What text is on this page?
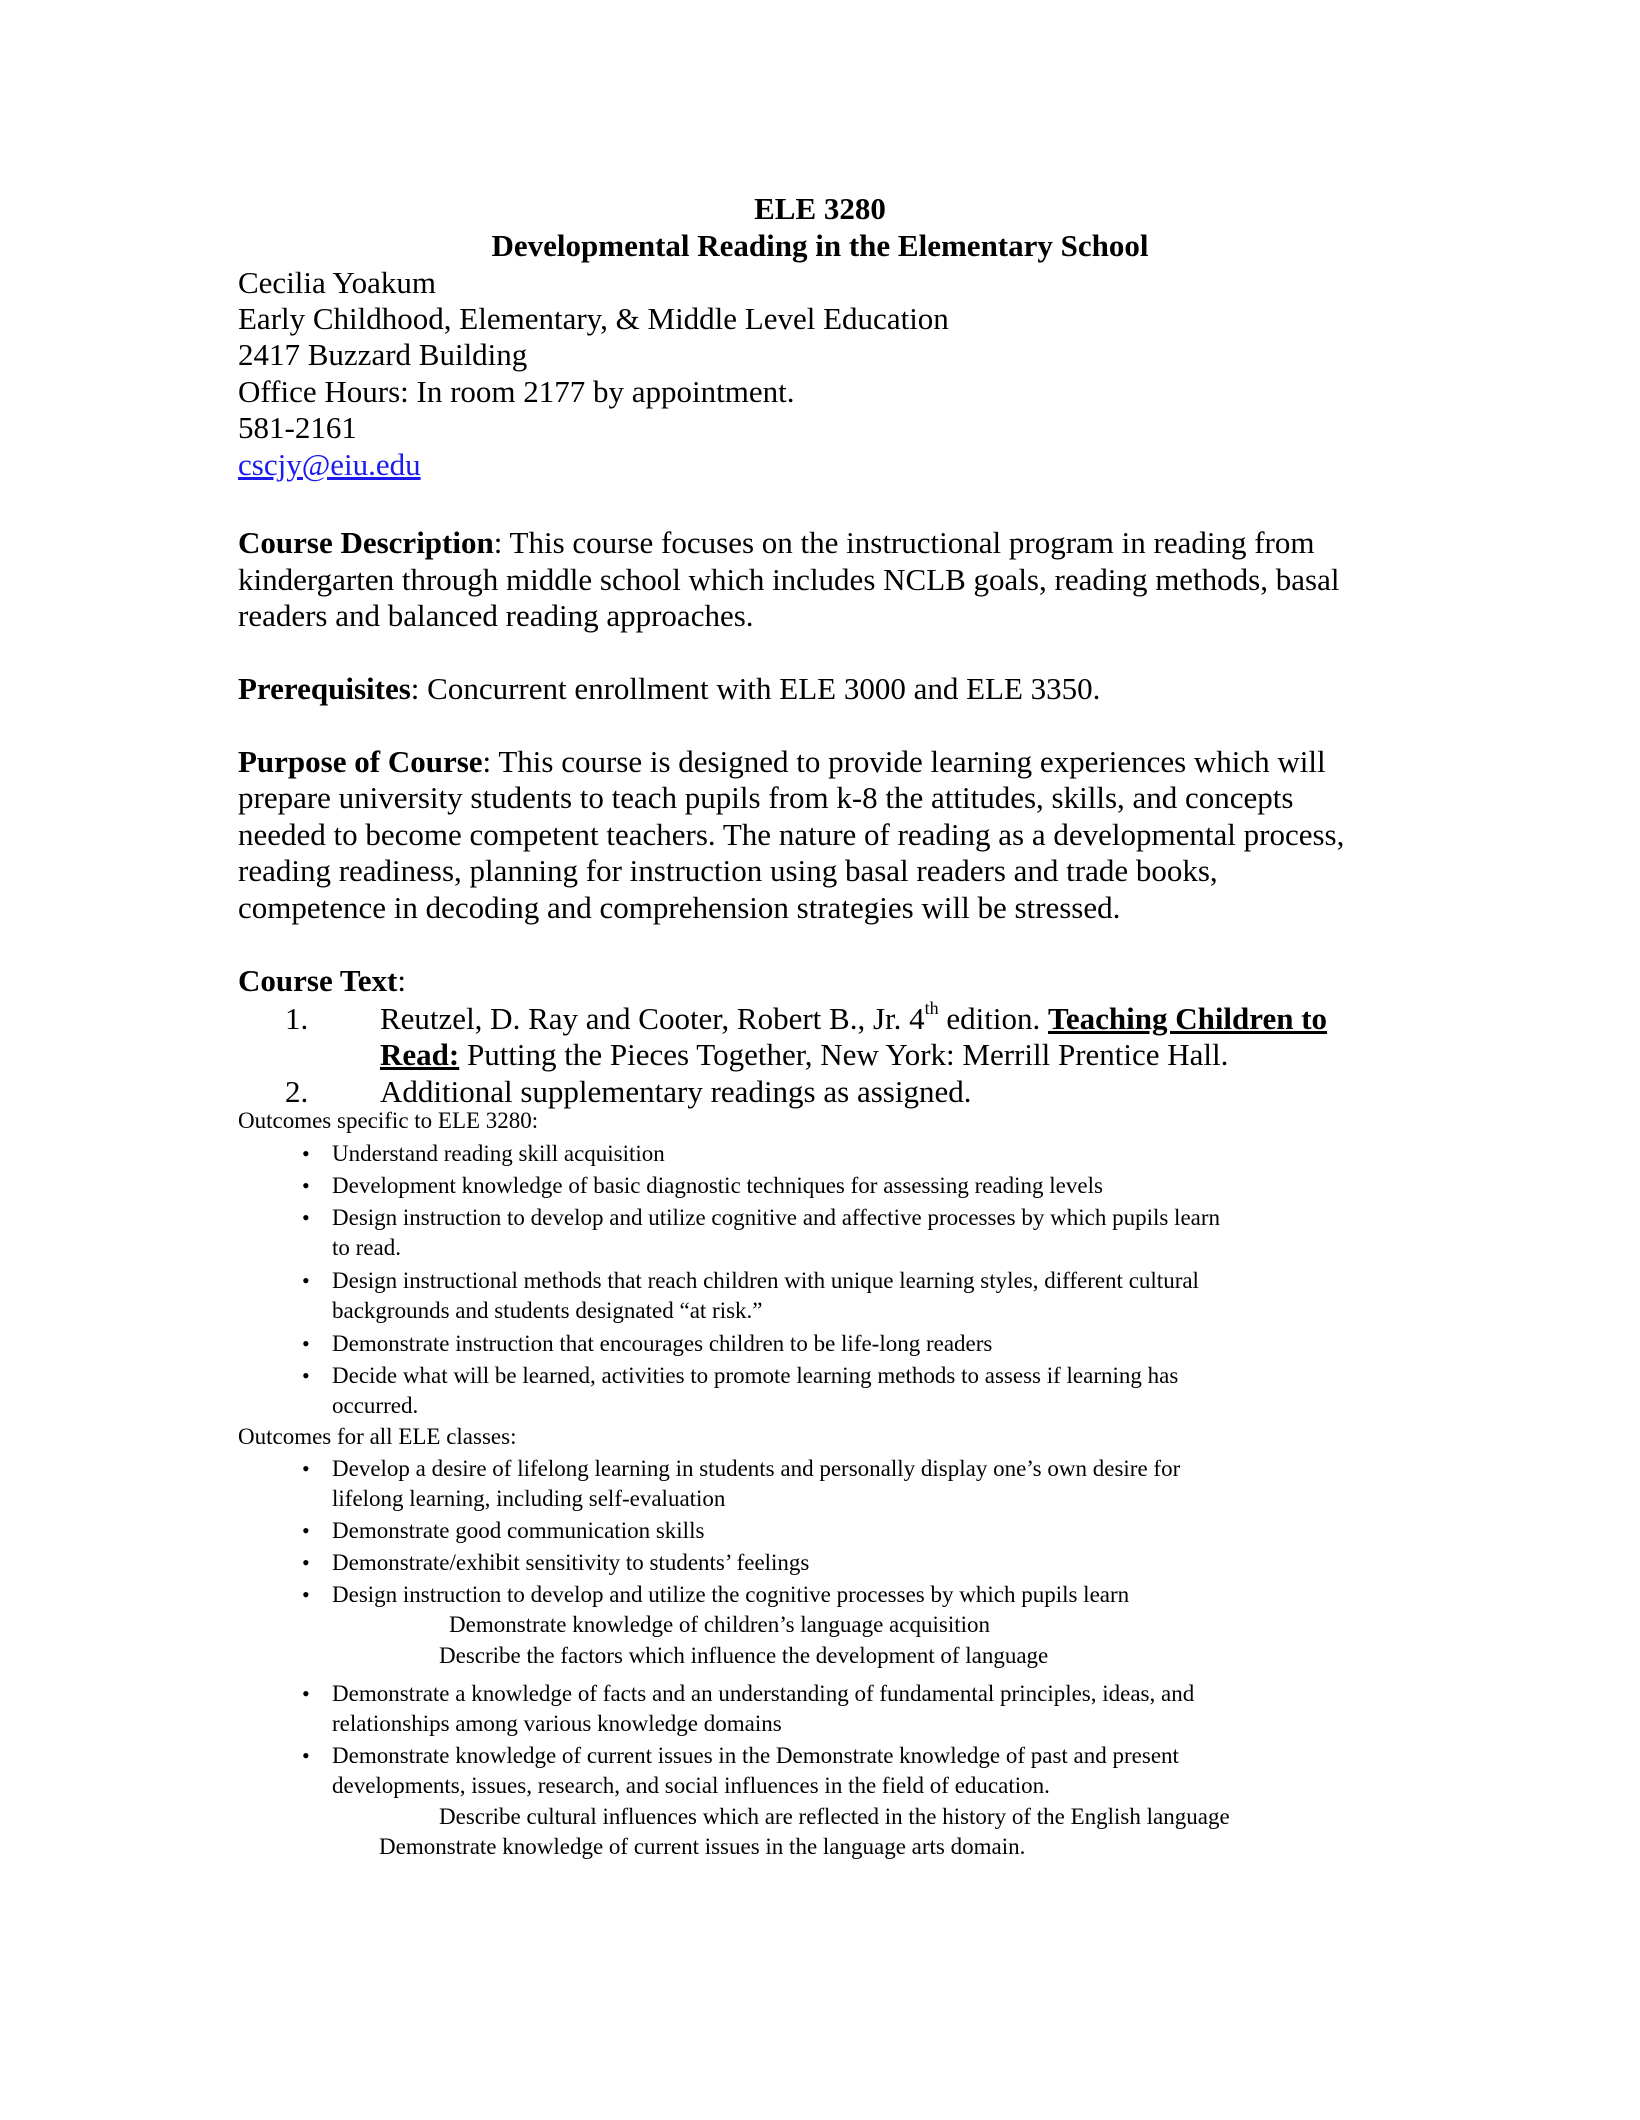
ELE 3280
Developmental Reading in the Elementary School
Cecilia Yoakum
Early Childhood, Elementary, & Middle Level Education
2417 Buzzard Building
Office Hours: In room 2177 by appointment.
581-2161
cscjy@eiu.edu
Course Description: This course focuses on the instructional program in reading from
kindergarten through middle school which includes NCLB goals, reading methods, basal
readers and balanced reading approaches.
Prerequisites: Concurrent enrollment with ELE 3000 and ELE 3350.
Purpose of Course: This course is designed to provide learning experiences which will
prepare university students to teach pupils from k-8 the attitudes, skills, and concepts
needed to become competent teachers. The nature of reading as a developmental process,
reading readiness, planning for instruction using basal readers and trade books,
competence in decoding and comprehension strategies will be stressed.
Course Text:
1. Reutzel, D. Ray and Cooter, Robert B., Jr. 4th edition. Teaching Children to
Read: Putting the Pieces Together, New York: Merrill Prentice Hall.
2. Additional supplementary readings as assigned.
Outcomes specific to ELE 3280:
• Understand reading skill acquisition
• Development knowledge of basic diagnostic techniques for assessing reading levels
• Design instruction to develop and utilize cognitive and affective processes by which pupils learn
to read.
• Design instructional methods that reach children with unique learning styles, different cultural
backgrounds and students designated “at risk.”
• Demonstrate instruction that encourages children to be life-long readers
• Decide what will be learned, activities to promote learning methods to assess if learning has
occurred.
Outcomes for all ELE classes:
• Develop a desire of lifelong learning in students and personally display one’s own desire for
lifelong learning, including self-evaluation
• Demonstrate good communication skills
• Demonstrate/exhibit sensitivity to students’ feelings
• Design instruction to develop and utilize the cognitive processes by which pupils learn
Demonstrate knowledge of children’s language acquisition
Describe the factors which influence the development of language
• Demonstrate a knowledge of facts and an understanding of fundamental principles, ideas, and
relationships among various knowledge domains
• Demonstrate knowledge of current issues in the Demonstrate knowledge of past and present
developments, issues, research, and social influences in the field of education.
Describe cultural influences which are reflected in the history of the English language
Demonstrate knowledge of current issues in the language arts domain.
